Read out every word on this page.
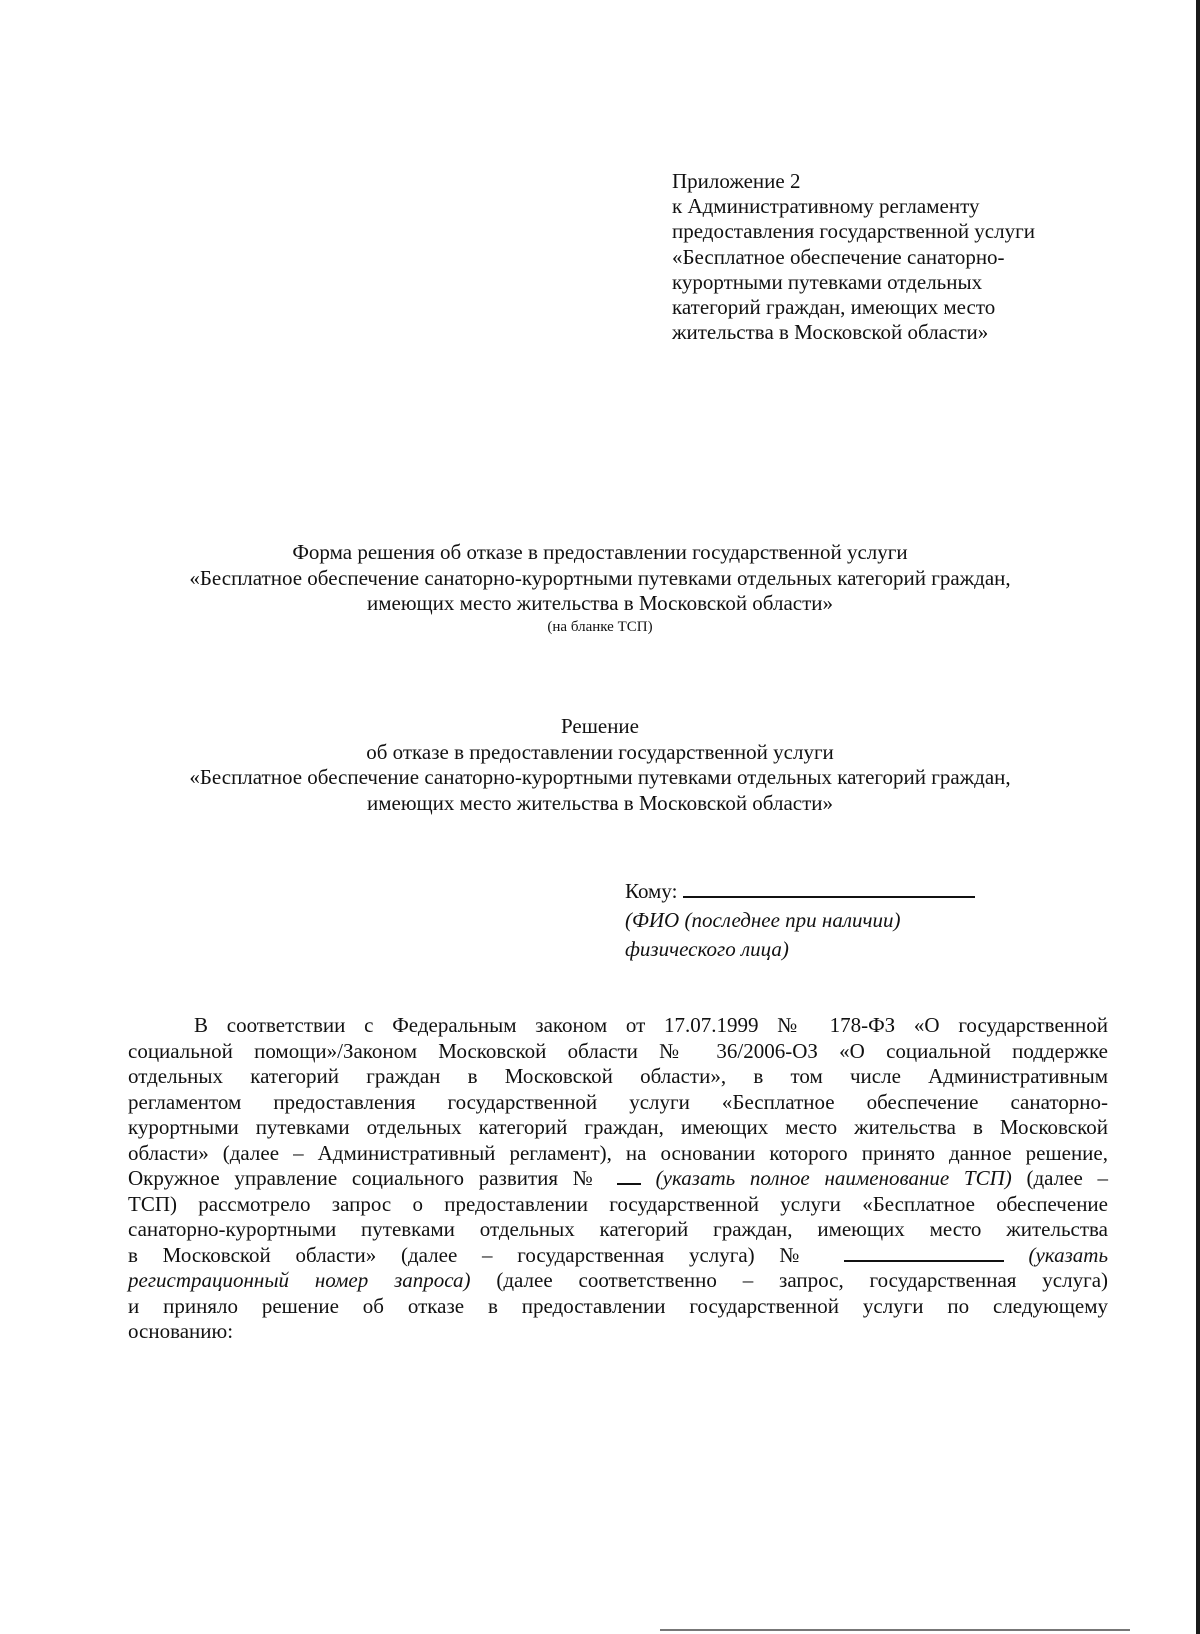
Приложение 2
к Административному регламенту
предоставления государственной услуги
«Бесплатное обеспечение санаторно-
курортными путевками отдельных
категорий граждан, имеющих место
жительства в Московской области»
Форма решения об отказе в предоставлении государственной услуги
«Бесплатное обеспечение санаторно-курортными путевками отдельных категорий граждан,
имеющих место жительства в Московской области»
(на бланке ТСП)
Решение
об отказе в предоставлении государственной услуги
«Бесплатное обеспечение санаторно-курортными путевками отдельных категорий граждан,
имеющих место жительства в Московской области»
Кому:
(ФИО (последнее при наличии)
физического лица)
В соответствии с Федеральным законом от 17.07.1999 № 178-ФЗ «О государственной
социальной помощи»/Законом Московской области № 36/2006-ОЗ «О социальной поддержке
отдельных категорий граждан в Московской области», в том числе Административным
регламентом предоставления государственной услуги «Бесплатное обеспечение санаторно-
курортными путевками отдельных категорий граждан, имеющих место жительства в Московской
области» (далее – Административный регламент), на основании которого принято данное решение,
Окружное управление социального развития №	(указать полное наименование ТСП) (далее –
ТСП) рассмотрело запрос о предоставлении государственной услуги «Бесплатное обеспечение
санаторно-курортными путевками отдельных категорий граждан, имеющих место жительства
в Московской области» (далее – государственная услуга) №	(указать
регистрационный номер запроса) (далее соответственно – запрос, государственная услуга)
и приняло решение об отказе в предоставлении государственной услуги по следующему
основанию:
